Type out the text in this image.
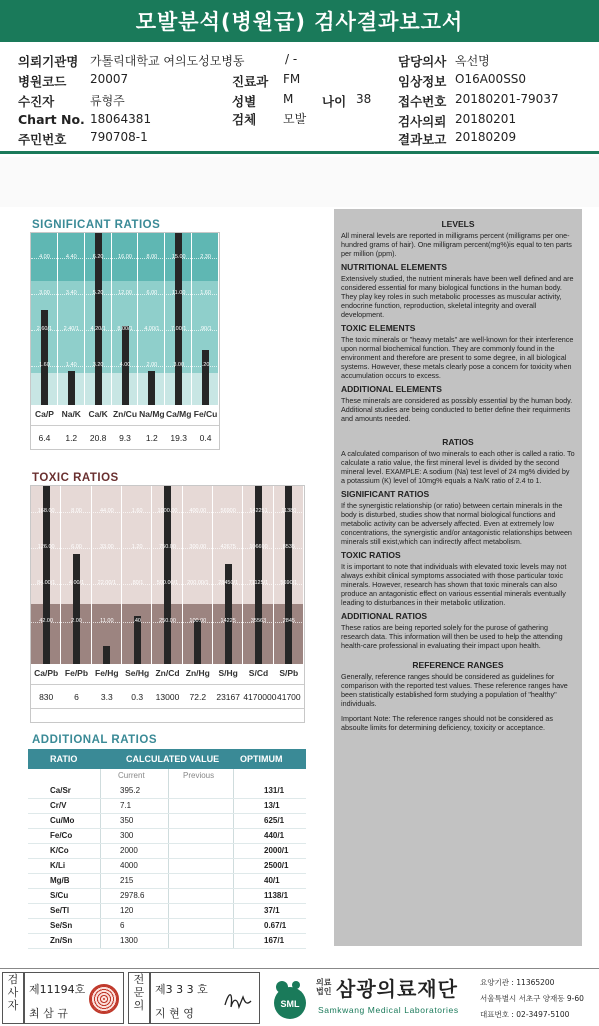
모발분석(병원급) 검사결과보고서
의뢰기관명 가톨릭대학교 여의도성모병동	/ -	담당의사 옥선명
병원코드 20007	진료과 FM	임상정보 O16A00SS0
수진자	류형주	성별 M 나이 38 접수번호 20180201-79037
Chart No. 18064381	검체 모발	검사의뢰 20180201
주민번호 790708-1	결과보고 20180209
SIGNIFICANT RATIOS
4.00
3.00
2.60/1
1.60
Ca/P
6.4
4.40
3.40
2.40/1
1.40
Na/K
1.2
6.20
5.20
4.20/1
3.20
Ca/K
20.8
16.00
12.00
8.00/1
4.00
Zn/Cu
9.3
8.00
6.00
4.00/1
2.00
Na/Mg
1.2
15.00
11.00
7.00/1
3.00
Ca/Mg
19.3
2.30
1.60
.90/1
.20
Fe/Cu
0.4
TOXIC RATIOS
168.00
126.00
84.00/1
42.00
Ca/Pb
830
8.00
6.00
4.00/1
2.00
Fe/Pb
6
44.00
33.00
22.00/1
11.00
Fe/Hg
3.3
1.60
1.20
.80/1
.40
Se/Hg
0.3
1000.00
750.00
500.00/1
250.00
Zn/Cd
13000
400.00
300.00
200.00/1
100.00
Zn/Hg
72.2
56900
42675
28450/1
14225
S/Hg
23167
142251
106690
71125/1
35563
S/Cd
4170000
11380
8535
5690/1
2845
S/Pb
41700
ADDITIONAL RATIOS
RATIO	CALCULATED VALUE OPTIMUM
Current	Previous
Ca/Sr	395.2	131/1
Cr/V	7.1	13/1
Cu/Mo	350	625/1
Fe/Co	300	440/1
K/Co	2000	2000/1
K/Li	4000	2500/1
Mg/B	215	40/1
S/Cu	2978.6	1138/1
Se/Tl	120	37/1
Se/Sn	6	0.67/1
Zn/Sn	1300	167/1
LEVELS

All mineral levels are reported in milligrams percent (milligrams per one-hundred grams of hair). One milligram percent(mg%)is equal to ten parts per million (ppm).

NUTRITIONAL ELEMENTS

Extensively studied, the nutrient minerals have been well defined and are considered essential for many biological functions in the human body. They play key roles in such metabolic processes as muscular activity, endocrine function, reproduction, skeletal integrity and overall development.

TOXIC ELEMENTS

The toxic minerals or "heavy metals" are well-known for their interference upon normal biochemical function. They are commonly found in the environment and therefore are present to some degree, in all biological systems. However, these metals clearly pose a concern for toxicity when accumulation occurs to excess.

ADDITIONAL ELEMENTS

These minerals are considered as possibly essential by the human body. Additional studies are being conducted to better define their requirments and amounts needed.

RATIOS

A calculated comparison of two minerals to each other is called a ratio. To calculate a ratio value, the first mineral level is divided by the second mineral level. EXAMPLE: A sodium (Na) test level of 24 mg% divided by a potassium (K) level of 10mg% equals a Na/K ratio of 2.4 to 1.

SIGNIFICANT RATIOS

If the synergistic relationship (or ratio) between certain minerals in the body is disturbed, studies show that normal biological functions and metabolic activity can be adversely affected. Even at extremely low concentrations, the synergistic and/or antagonistic relationships between minerals still exist,which can indirectly affect metabolism.

TOXIC RATIOS

It is important to note that individuals with elevated toxic levels may not always exhibit clinical symptoms associated with those particular toxic minerals. However, research has shown that toxic minerals can also produce an antagonistic effect on various essential minerals eventually leading to disturbances in their metabolic utilization.

ADDITIONAL RATIOS

These ratios are being reported solely for the purose of gathering research data. This information will then be used to help the attending health-care professional in evaluating their impact upon health.

REFERENCE RANGES

Generally, reference ranges should be considered as guidelines for comparison with the reported test values. These reference ranges have been statistically established form studying a population of "healthy" individuals.

Important Note: The reference ranges should not be considered as absoulte limits for determining deficiency, toxicity or acceptance.

검사자
제11194호
최 삼 규
전문의
제3 3 3 호
지 현 영
SML
의료법인 삼광의료재단
Samkwang Medical Laboratories
요양기관 : 11365200
서울특별시 서초구 양재동 9-60
대표번호 : 02-3497-5100
